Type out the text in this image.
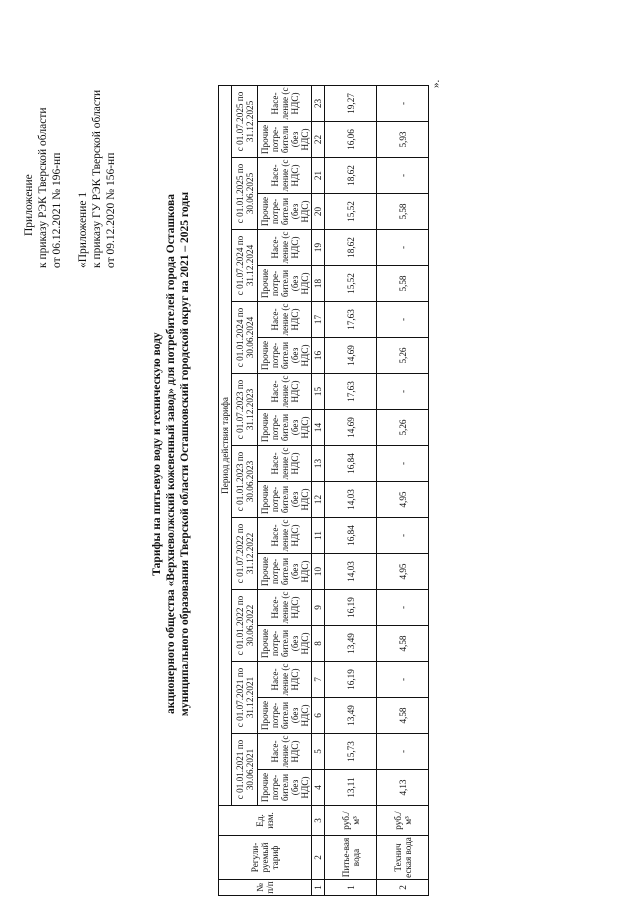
Приложение к приказу РЭК Тверской области от 06.12.2021 № 196-нп «Приложение 1 к приказу ГУ РЭК Тверской области от 09.12.2020 № 156-нп
Тарифы на питьевую воду и техническую воду акционерного общества «Верхневолжский кожевенный завод» для потребителей города Осташкова муниципального образования Тверской области Осташковский городской округ на 2021 – 2025 годы
№ п/п	Регули-руемый тариф	Ед. изм.	Период действия тарифа																			
			с 01.01.2021 по 30.06.2021		с 01.07.2021 по 31.12.2021		с 01.01.2022 по 30.06.2022		с 01.07.2022 по 31.12.2022		с 01.01.2023 по 30.06.2023		с 01.07.2023 по 31.12.2023		с 01.01.2024 по 30.06.2024		с 01.07.2024 по 31.12.2024		с 01.01.2025 по 30.06.2025		с 01.07.2025 по 31.12.2025	
			Прочие потре-бители (без НДС)	Насе-ление (с НДС)	Прочие потре-бители (без НДС)	Насе-ление (с НДС)	Прочие потре-бители (без НДС)	Насе-ление (с НДС)	Прочие потре-бители (без НДС)	Насе-ление (с НДС)	Прочие потре-бители (без НДС)	Насе-ление (с НДС)	Прочие потре-бители (без НДС)	Насе-ление (с НДС)	Прочие потре-бители (без НДС)	Насе-ление (с НДС)	Прочие потре-бители (без НДС)	Насе-ление (с НДС)	Прочие потре-бители (без НДС)	Насе-ление (с НДС)	Прочие потре-бители (без НДС)	Насе-ление (с НДС)
1	2	3	4	5	6	7	8	9	10	11	12	13	14	15	16	17	18	19	20	21	22	23
1	Питье-вая вода	руб./м³	13,11	15,73	13,49	16,19	13,49	16,19	14,03	16,84	14,03	16,84	14,69	17,63	14,69	17,63	15,52	18,62	15,52	18,62	16,06	19,27
2	Технич еская вода	руб./м³	4,13	-	4,58	-	4,58	-	4,95	-	4,95	-	5,26	-	5,26	-	5,58	-	5,58	-	5,93	-
».
